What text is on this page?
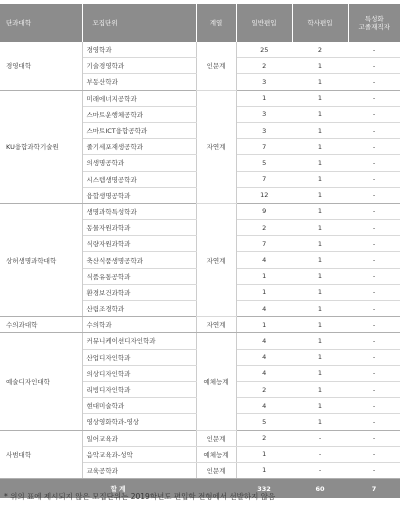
단과대학	모집단위	계열	일반편입	학사편입	특성화
고졸재직자
경영대학	경영학과	인문계	25	2	-
	기술경영학과		2	1	-
	부동산학과		3	1	-
KU융합과학기술원	미래에너지공학과	자연계	1	1	-
	스마트운행체공학과		3	1	-
	스마트ICT융합공학과		3	1	-
	줄기세포재생공학과		7	1	-
	의생명공학과		5	1	-
	시스템생명공학과		7	1	-
	융합생명공학과		12	1	-
상허생명과학대학	생명과학특성학과	자연계	9	1	-
	동물자원과학과		2	1	-
	식량자원과학과		7	1	-
	축산식품생명공학과		4	1	-
	식품유통공학과		1	1	-
	환경보건과학과		1	1	-
	산림조경학과		4	1	-
수의과대학	수의학과	자연계	1	1	-
예술디자인대학	커뮤니케이션디자인학과	예체능계	4	1	-
	산업디자인학과		4	1	-
	의상디자인학과		4	1	-
	리빙디자인학과		2	1	-
	현대미술학과		4	1	-
	영상영화학과-영상		5	1	-
사범대학	일어교육과	인문계	2	-	-
	음악교육과-성악	예체능계	1	-	-
	교육공학과	인문계	1	-	-
합 계			332	60	7
* 위의 표에 제시되지 않은 모집단위는 2019학년도 편입학 전형에서 선발하지 않음
